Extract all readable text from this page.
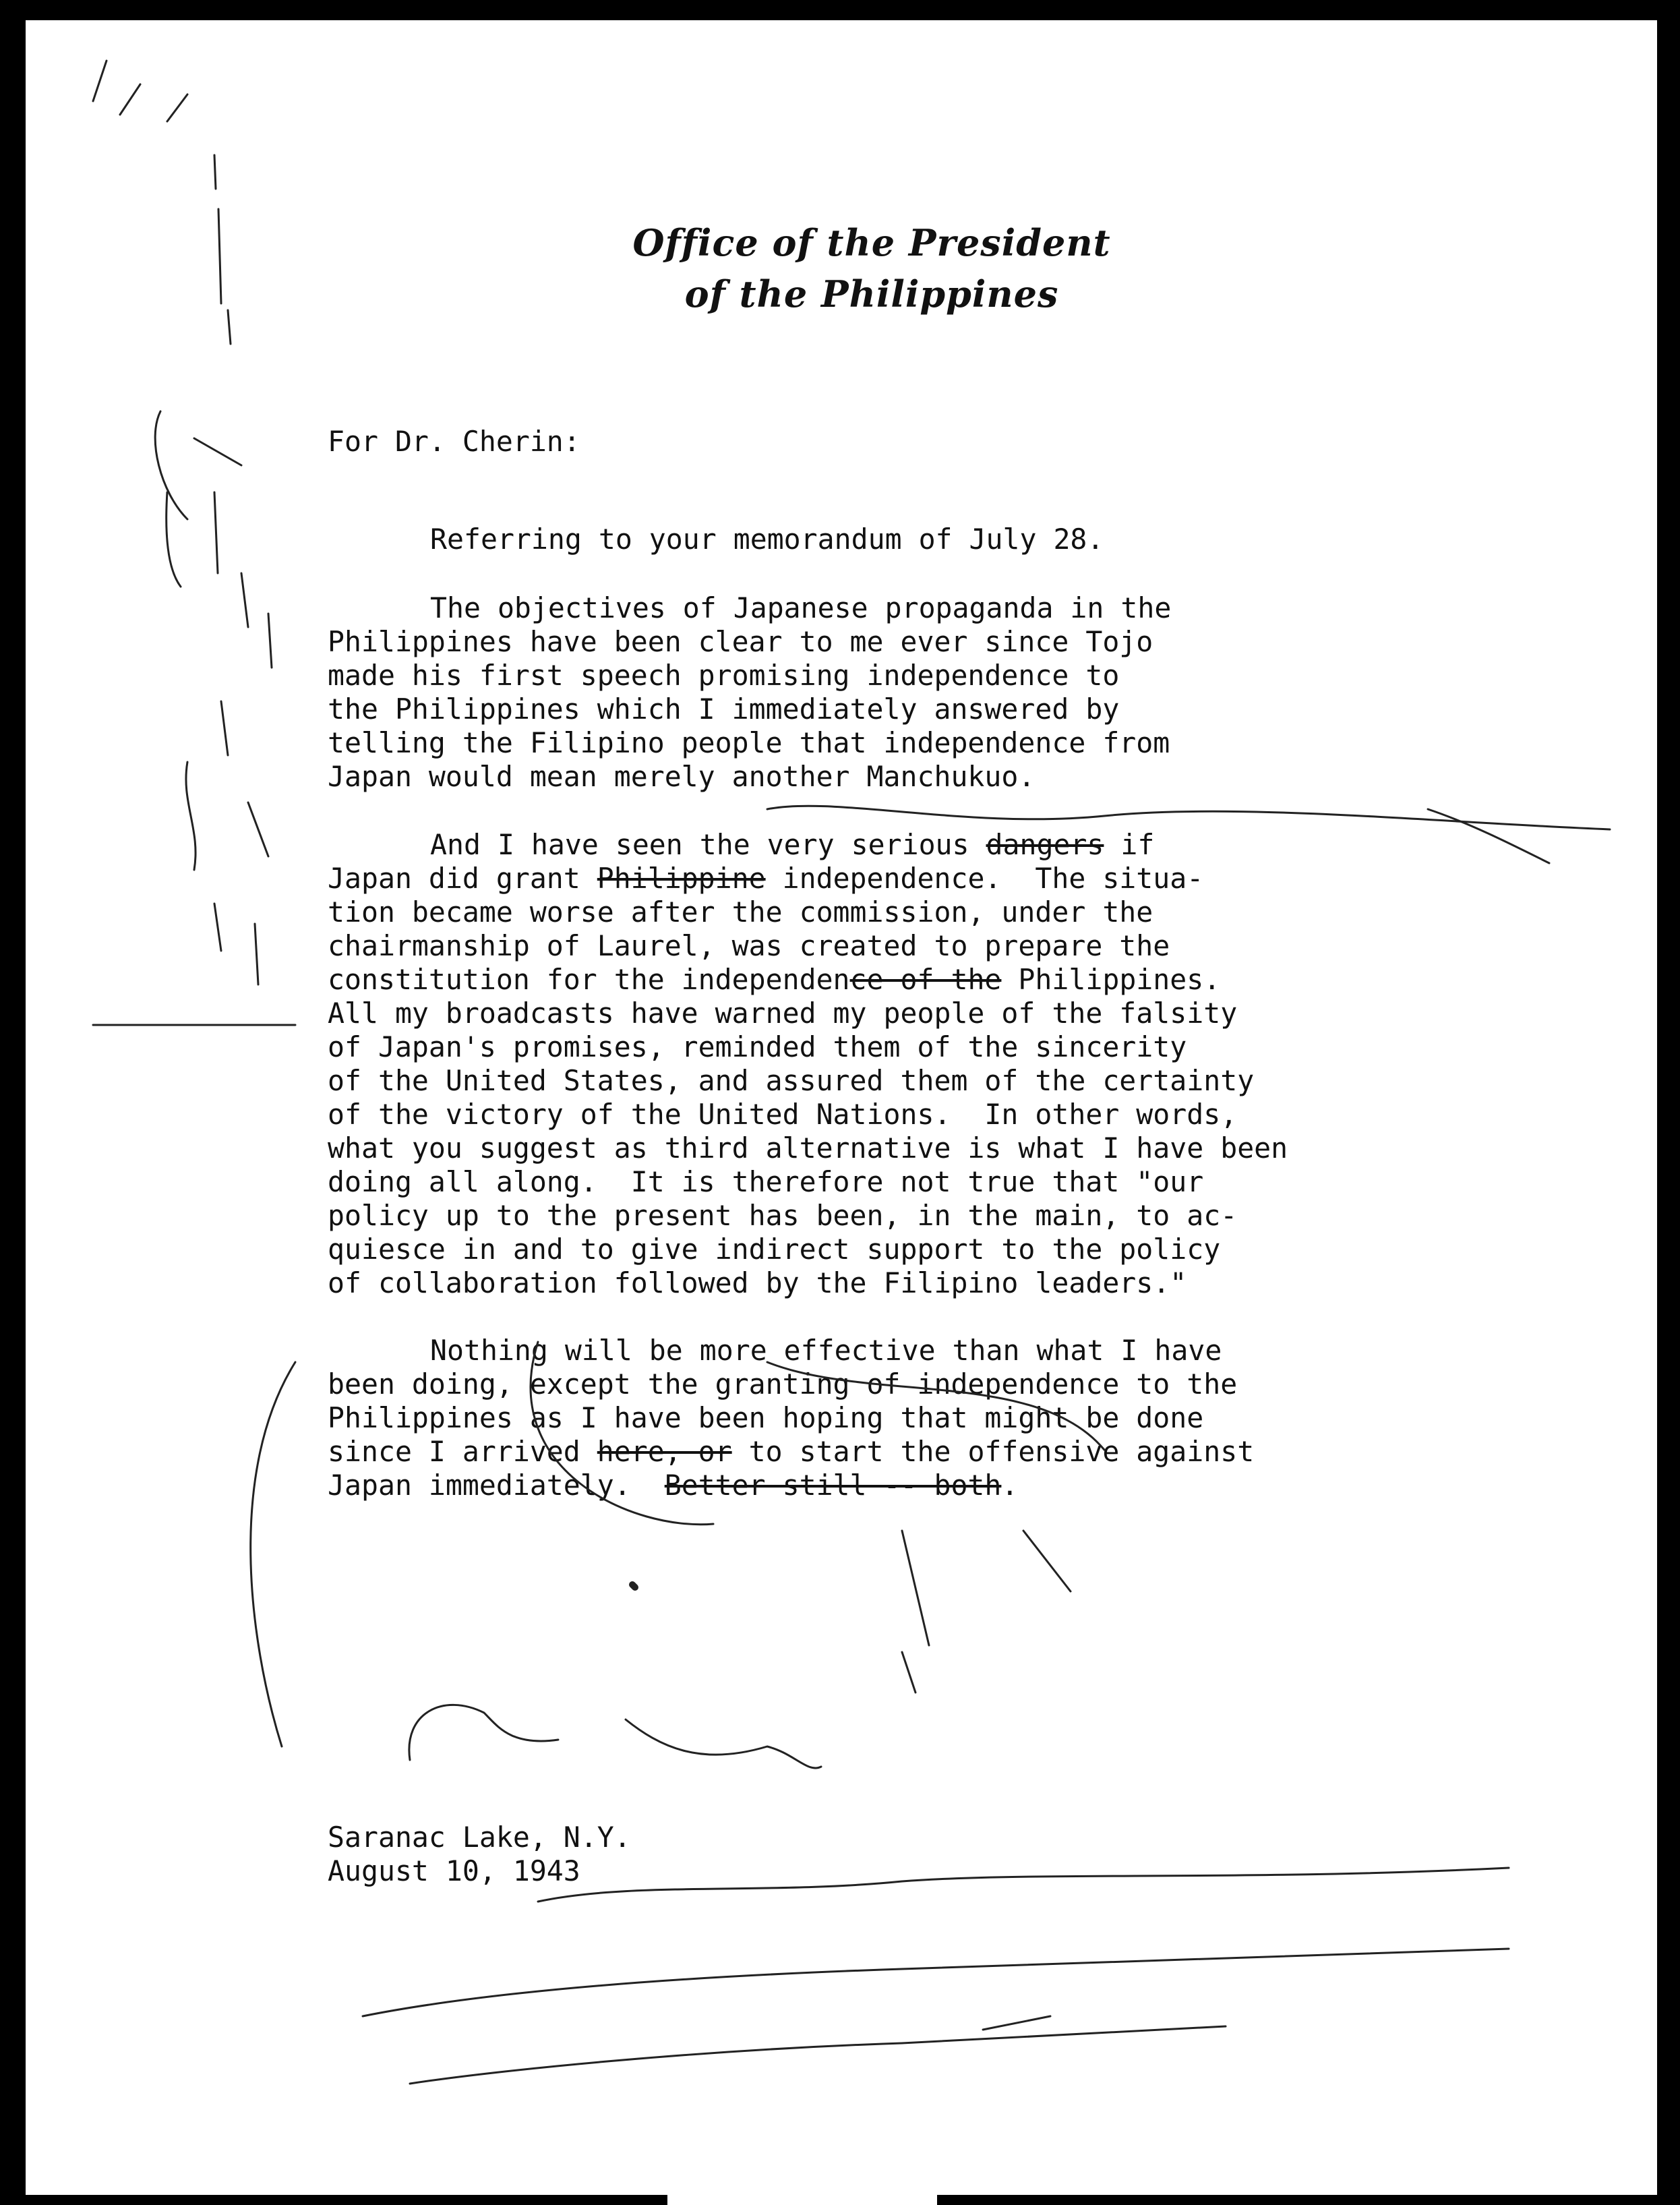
Office of the President
of the Philippines
For Dr. Cherin:
Referring to your memorandum of July 28.
The objectives of Japanese propaganda in the
Philippines have been clear to me ever since Tojo
made his first speech promising independence to
the Philippines which I immediately answered by
telling the Filipino people that independence from
Japan would mean merely another Manchukuo.
And I have seen the very serious dangers if
Japan did grant Philippine independence.  The situa-
tion became worse after the commission, under the
chairmanship of Laurel, was created to prepare the
constitution for the independence of the Philippines.
All my broadcasts have warned my people of the falsity
of Japan's promises, reminded them of the sincerity
of the United States, and assured them of the certainty
of the victory of the United Nations.  In other words,
what you suggest as third alternative is what I have been
doing all along.  It is therefore not true that "our
policy up to the present has been, in the main, to ac-
quiesce in and to give indirect support to the policy
of collaboration followed by the Filipino leaders."
Nothing will be more effective than what I have
been doing, except the granting of independence to the
Philippines as I have been hoping that might be done
since I arrived here, or to start the offensive against
Japan immediately.  Better still -- both.
Saranac Lake, N.Y.
August 10, 1943
